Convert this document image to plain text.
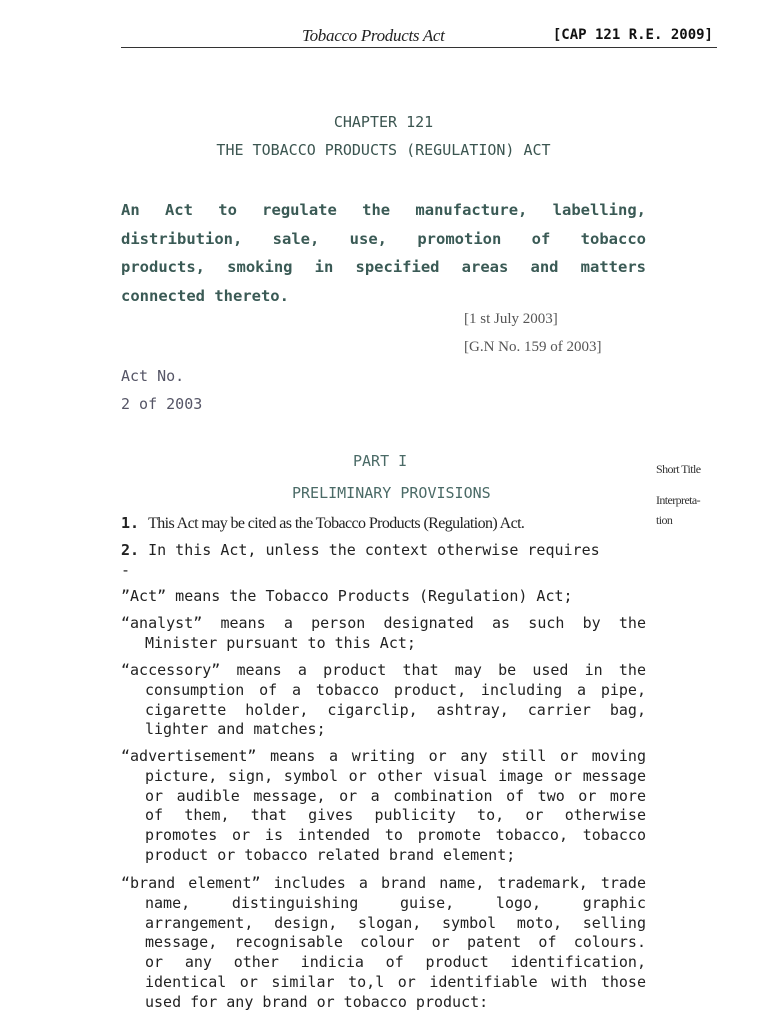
Tobacco Products Act	[CAP 121 R.E. 2009]

CHAPTER 121

THE TOBACCO PRODUCTS (REGULATION) ACT

An Act to regulate the manufacture, labelling,
distribution, sale, use, promotion of tobacco
products, smoking in specified areas and matters
connected thereto.

[1 st July 2003]

[G.N No. 159 of 2003]

Act No.

2 of 2003

PART I

PRELIMINARY PROVISIONS

Short Title

Interpreta-

tion

1. This Act may be cited as the Tobacco Products (Regulation) Act.

2. In this Act, unless the context otherwise requires

-

”Act” means the Tobacco Products (Regulation) Act;
“analyst” means a person designated as such by the
Minister pursuant to this Act;
“accessory” means a product that may be used in the
consumption of a tobacco product, including a pipe,
cigarette holder, cigarclip, ashtray, carrier bag,
lighter and matches;
“advertisement” means a writing or any still or moving
picture, sign, symbol or other visual image or message
or audible message, or a combination of two or more
of them, that gives publicity to, or otherwise
promotes or is intended to promote tobacco, tobacco
product or tobacco related brand element;
“brand element” includes a brand name, trademark, trade
name, distinguishing guise, logo, graphic
arrangement, design, slogan, symbol moto, selling
message, recognisable colour or patent of colours.
or any other indicia of product identification,
identical or similar to,l or identifiable with those
used for any brand or tobacco product:
